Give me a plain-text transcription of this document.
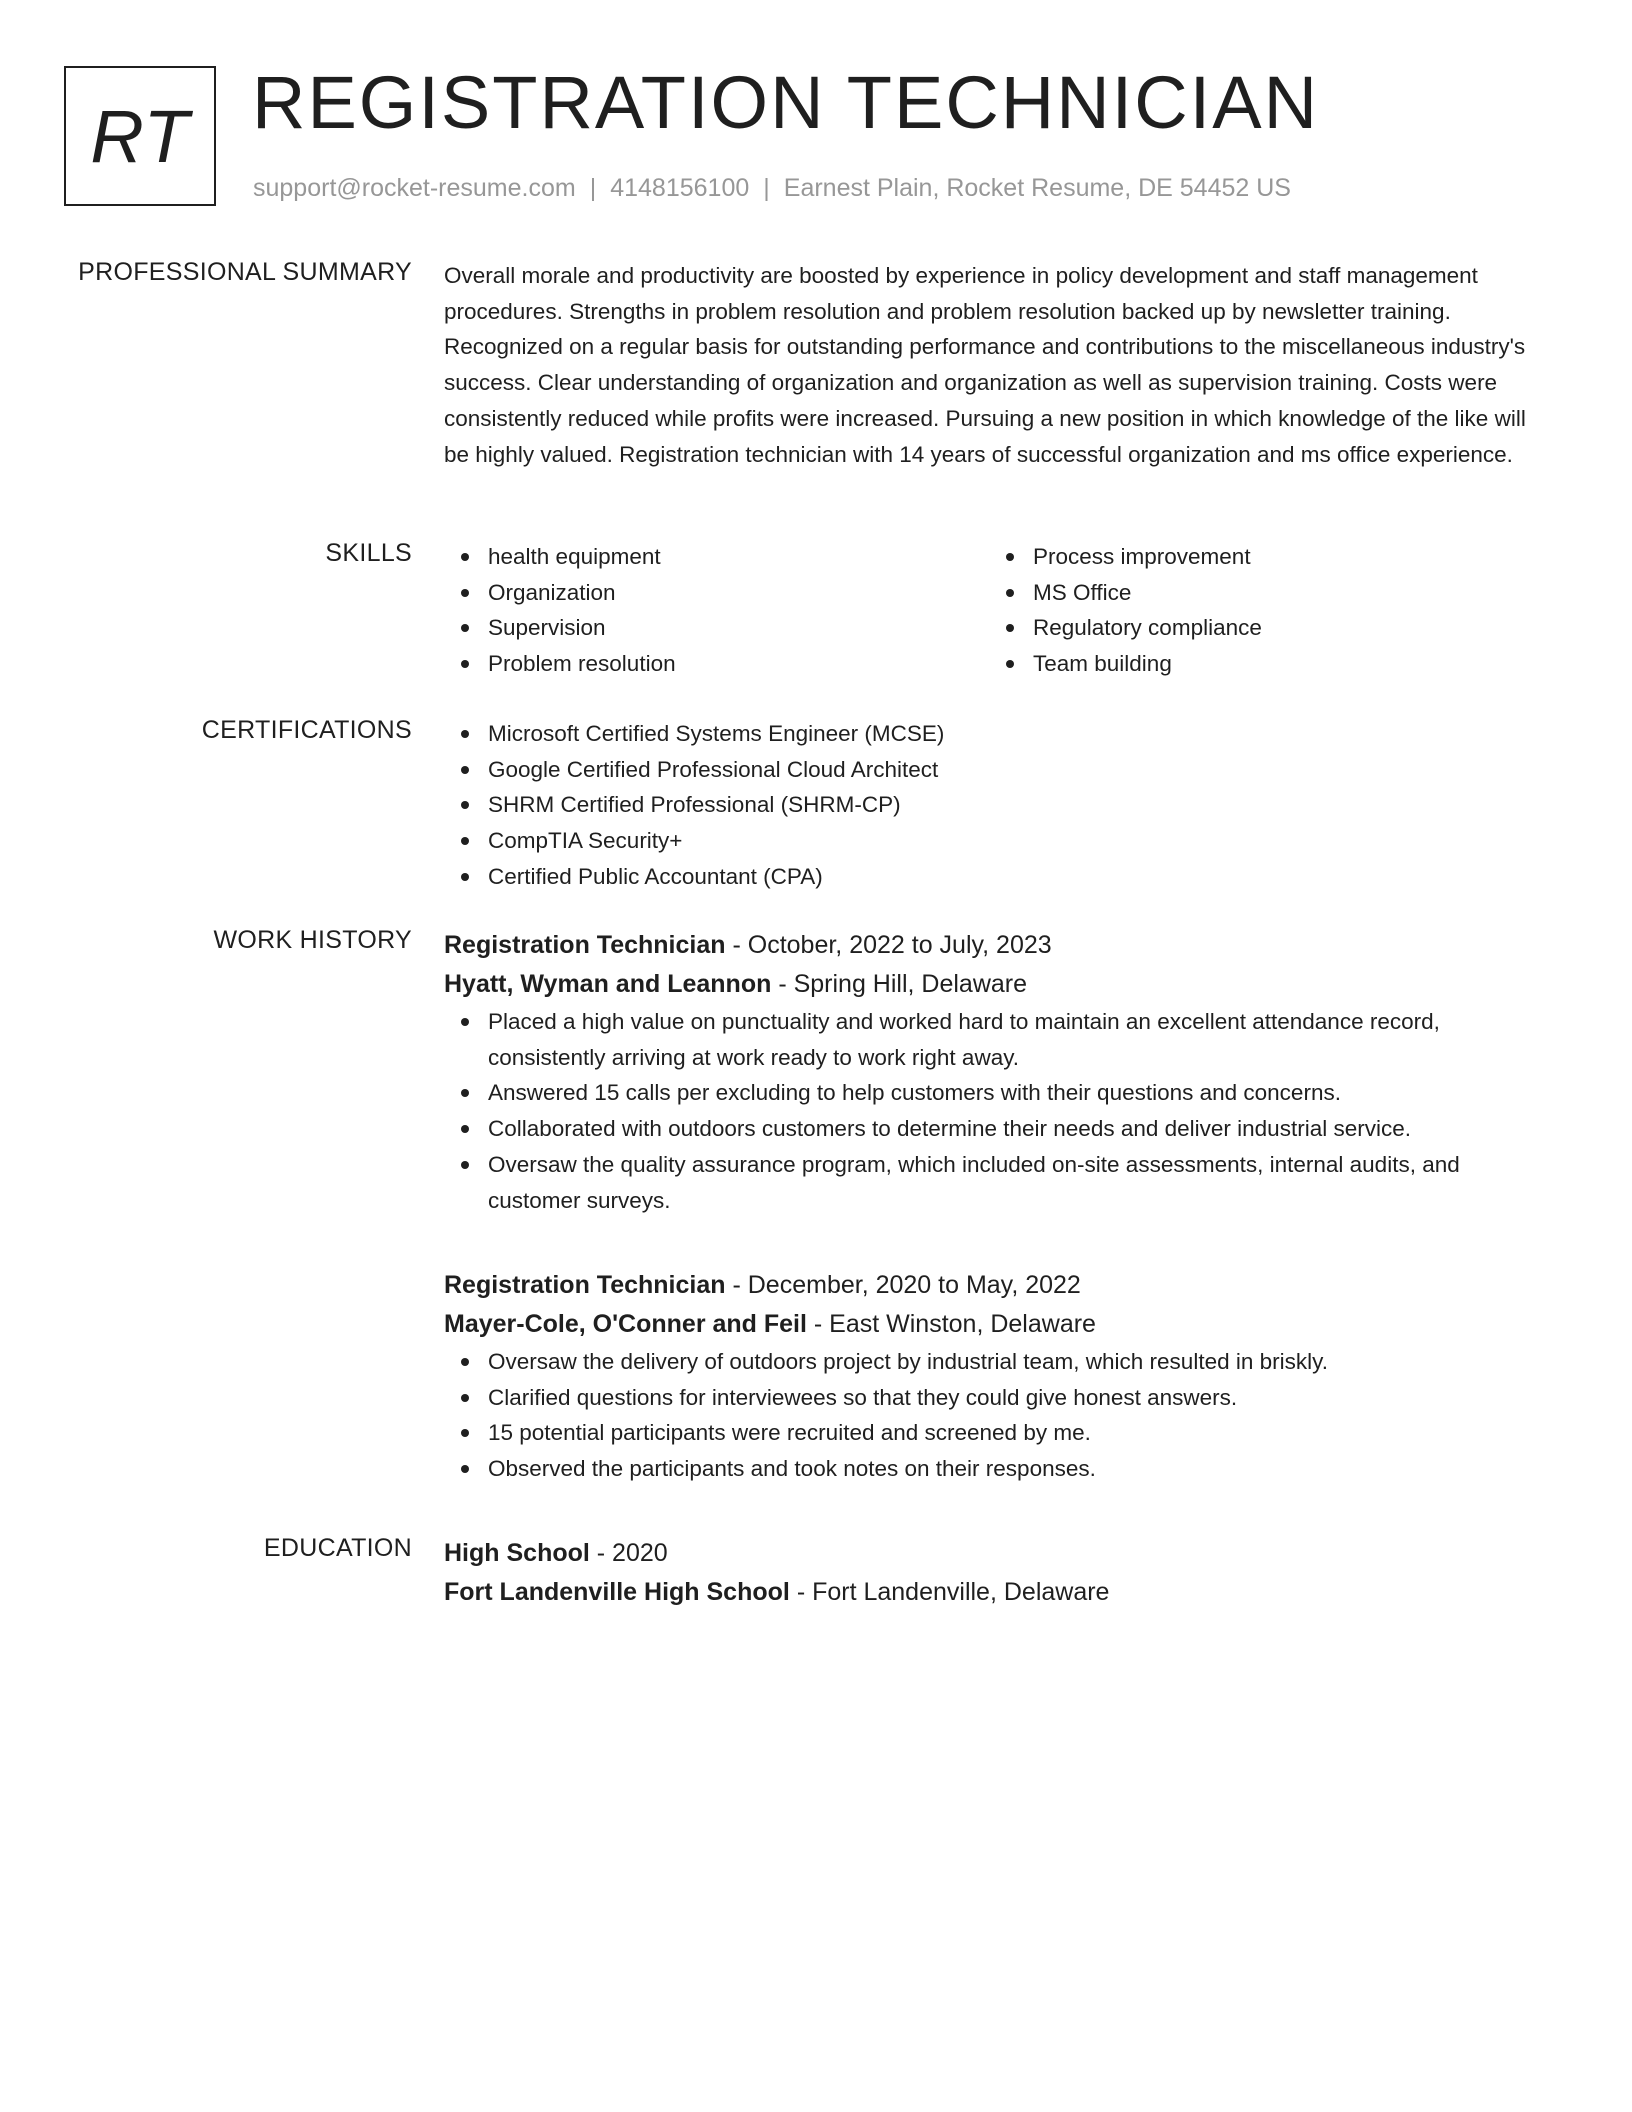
RT REGISTRATION TECHNICIAN
support@rocket-resume.com | 4148156100 | Earnest Plain, Rocket Resume, DE 54452 US
PROFESSIONAL SUMMARY Overall morale and productivity are boosted by experience in policy development and staff management procedures. Strengths in problem resolution and problem resolution backed up by newsletter training. Recognized on a regular basis for outstanding performance and contributions to the miscellaneous industry's success. Clear understanding of organization and organization as well as supervision training. Costs were consistently reduced while profits were increased. Pursuing a new position in which knowledge of the like will be highly valued. Registration technician with 14 years of successful organization and ms office experience.

SKILLS	health equipment
Organization
Supervision
Problem resolution
Process improvement
MS Office
Regulatory compliance
Team building
CERTIFICATIONS	Microsoft Certified Systems Engineer (MCSE)
Google Certified Professional Cloud Architect
SHRM Certified Professional (SHRM-CP)
CompTIA Security+
Certified Public Accountant (CPA)
WORK HISTORY Registration Technician - October, 2022 to July, 2023
Hyatt, Wyman and Leannon - Spring Hill, Delaware
Placed a high value on punctuality and worked hard to maintain an excellent attendance record, consistently arriving at work ready to work right away.
Answered 15 calls per excluding to help customers with their questions and concerns.
Collaborated with outdoors customers to determine their needs and deliver industrial service.
Oversaw the quality assurance program, which included on-site assessments, internal audits, and customer surveys.
Registration Technician - December, 2020 to May, 2022
Mayer-Cole, O'Conner and Feil - East Winston, Delaware
Oversaw the delivery of outdoors project by industrial team, which resulted in briskly.
Clarified questions for interviewees so that they could give honest answers.
15 potential participants were recruited and screened by me.
Observed the participants and took notes on their responses.
EDUCATION High School - 2020
Fort Landenville High School - Fort Landenville, Delaware
